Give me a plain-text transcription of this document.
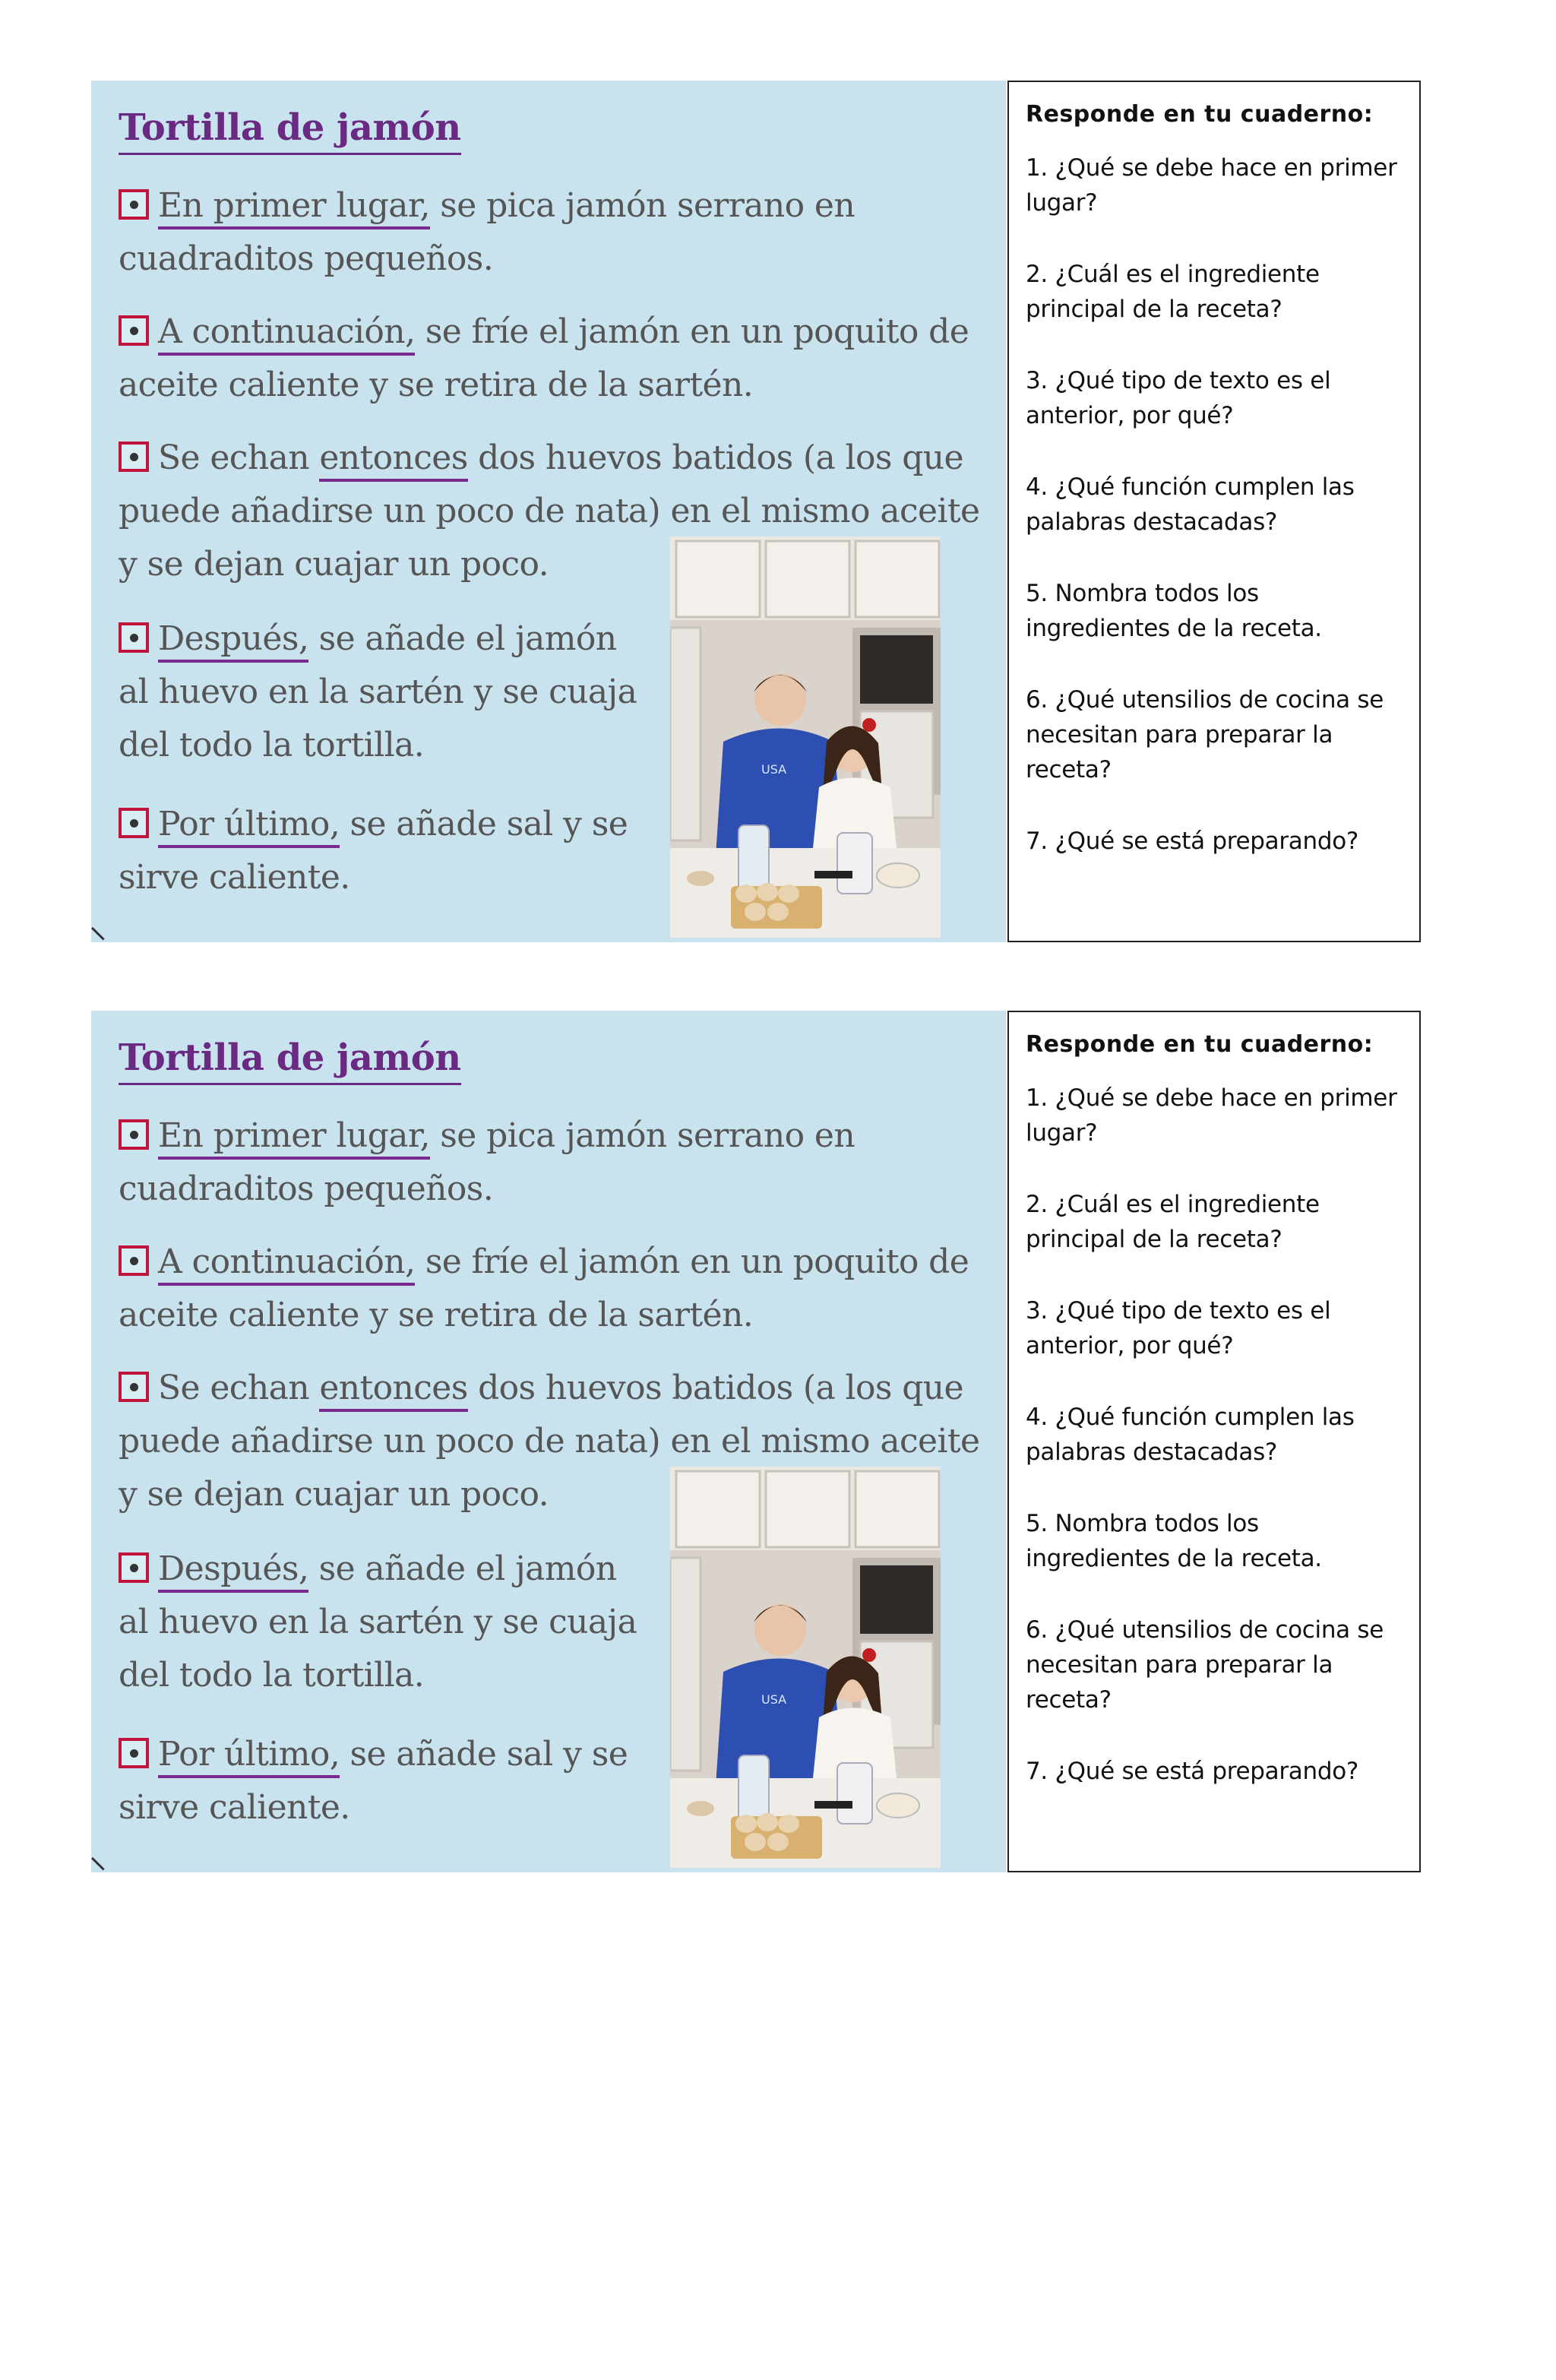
Tortilla de jamón

En primer lugar, se pica jamón serrano en cuadraditos pequeños.

A continuación, se fríe el jamón en un poquito de aceite caliente y se retira de la sartén.

Se echan entonces dos huevos batidos (a los que puede añadirse un poco de nata) en el mismo aceite y se dejan cuajar un poco.

Después, se añade el jamón al huevo en la sartén y se cuaja del todo la tortilla.

Por último, se añade sal y se sirve caliente.

USA

Responde en tu cuaderno:

1. ¿Qué se debe hace en primer lugar?
2. ¿Cuál es el ingrediente principal de la receta?
3. ¿Qué tipo de texto es el anterior, por qué?
4. ¿Qué función cumplen las palabras destacadas?
5. Nombra todos los ingredientes de la receta.
6. ¿Qué utensilios de cocina se necesitan para preparar la receta?
7. ¿Qué se está preparando?
Tortilla de jamón

En primer lugar, se pica jamón serrano en cuadraditos pequeños.

A continuación, se fríe el jamón en un poquito de aceite caliente y se retira de la sartén.

Se echan entonces dos huevos batidos (a los que puede añadirse un poco de nata) en el mismo aceite y se dejan cuajar un poco.

Después, se añade el jamón al huevo en la sartén y se cuaja del todo la tortilla.

Por último, se añade sal y se sirve caliente.

USA

Responde en tu cuaderno:

1. ¿Qué se debe hace en primer lugar?
2. ¿Cuál es el ingrediente principal de la receta?
3. ¿Qué tipo de texto es el anterior, por qué?
4. ¿Qué función cumplen las palabras destacadas?
5. Nombra todos los ingredientes de la receta.
6. ¿Qué utensilios de cocina se necesitan para preparar la receta?
7. ¿Qué se está preparando?
